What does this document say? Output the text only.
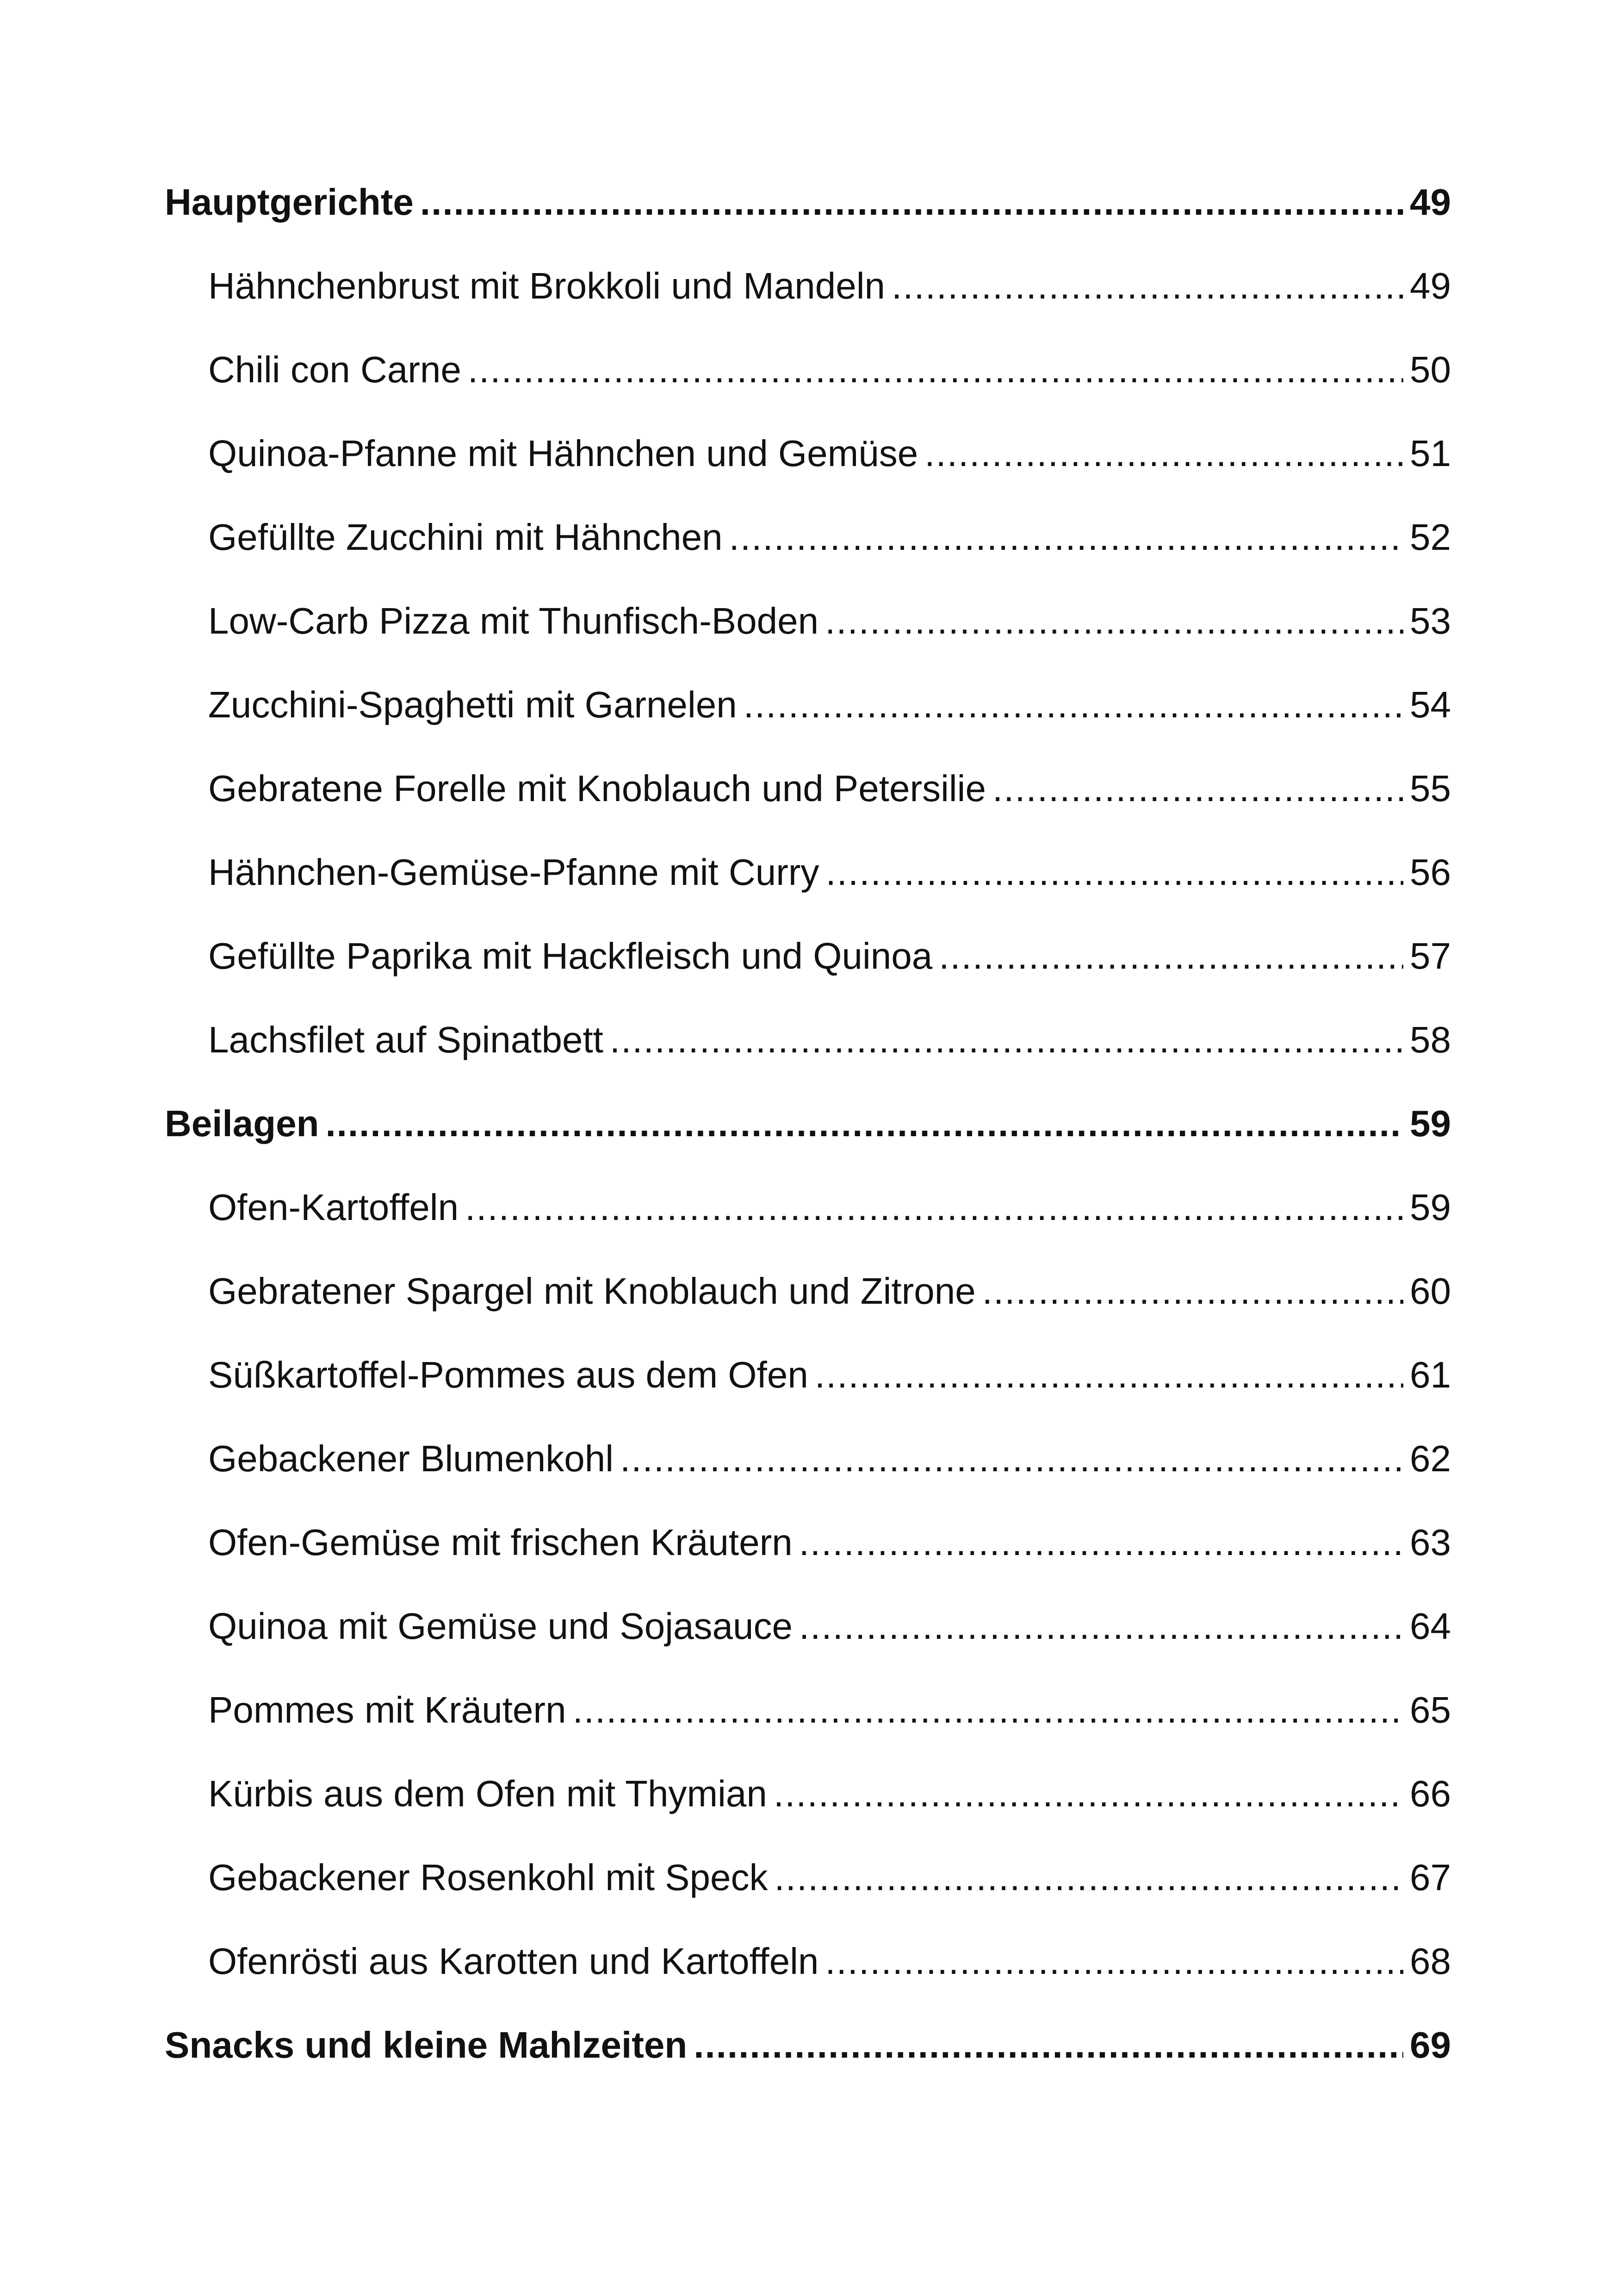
Hauptgerichte .....	49
Hähnchenbrust mit Brokkoli und Mandeln .....	49
Chili con Carne .....	50
Quinoa-Pfanne mit Hähnchen und Gemüse .....	51
Gefüllte Zucchini mit Hähnchen .....	52
Low-Carb Pizza mit Thunfisch-Boden .....	53
Zucchini-Spaghetti mit Garnelen .....	54
Gebratene Forelle mit Knoblauch und Petersilie .....	55
Hähnchen-Gemüse-Pfanne mit Curry .....	56
Gefüllte Paprika mit Hackfleisch und Quinoa .....	57
Lachsfilet auf Spinatbett .....	58
Beilagen .....	59
Ofen-Kartoffeln .....	59
Gebratener Spargel mit Knoblauch und Zitrone .....	60
Süßkartoffel-Pommes aus dem Ofen .....	61
Gebackener Blumenkohl .....	62
Ofen-Gemüse mit frischen Kräutern .....	63
Quinoa mit Gemüse und Sojasauce .....	64
Pommes mit Kräutern .....	65
Kürbis aus dem Ofen mit Thymian .....	66
Gebackener Rosenkohl mit Speck .....	67
Ofenrösti aus Karotten und Kartoffeln .....	68
Snacks und kleine Mahlzeiten .....	69
